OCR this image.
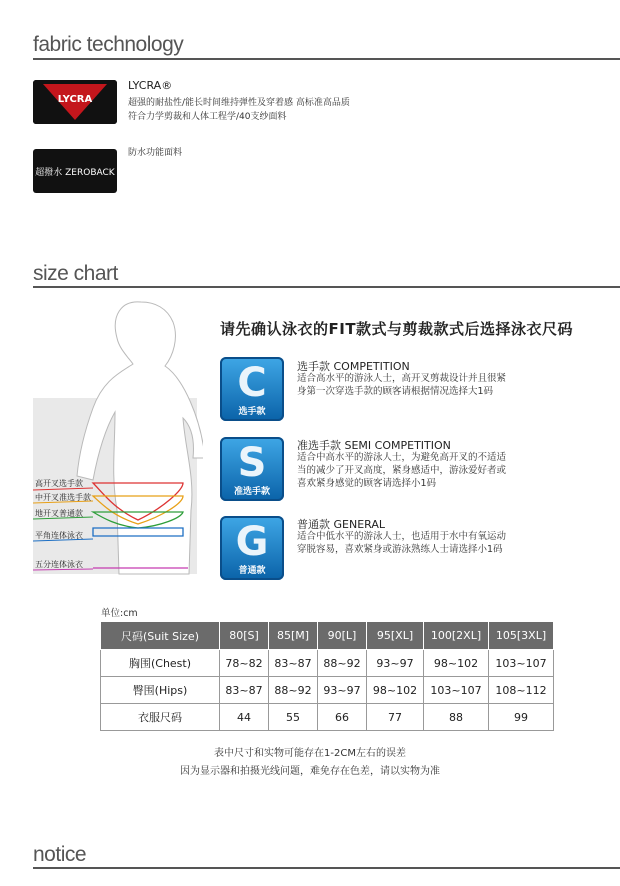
fabric technology
LYCRA
LYCRA®
超强的耐盐性/能长时间维持弹性及穿着感 高标准高品质
符合力学剪裁和人体工程学/40支纱面料
超撥水 ZEROBACK
防水功能面料
size chart
高开叉选手款
中开叉准选手款
地开叉普通款
平角连体泳衣
五分连体泳衣
请先确认泳衣的FIT款式与剪裁款式后选择泳衣尺码
C
选手款
选手款 COMPETITION
适合高水平的游泳人士，高开叉剪裁设计并且很紧
身第一次穿选手款的顾客请根据情况选择大1码
S
准选手款
准选手款 SEMI COMPETITION
适合中高水平的游泳人士，为避免高开叉的不适适
当的减少了开叉高度，紧身感适中，游泳爱好者或
喜欢紧身感觉的顾客请选择小1码
G
普通款
普通款 GENERAL
适合中低水平的游泳人士，也适用于水中有氧运动
穿脱容易，喜欢紧身或游泳熟练人士请选择小1码
单位:cm
尺码(Suit Size)	80[S]	85[M]	90[L]	95[XL]	100[2XL]	105[3XL]
胸围(Chest)	78~82	83~87	88~92	93~97	98~102	103~107
臀围(Hips)	83~87	88~92	93~97	98~102	103~107	108~112
衣服尺码	44	55	66	77	88	99
表中尺寸和实物可能存在1-2CM左右的误差
因为显示器和拍摄光线问题，难免存在色差，请以实物为准
notice
